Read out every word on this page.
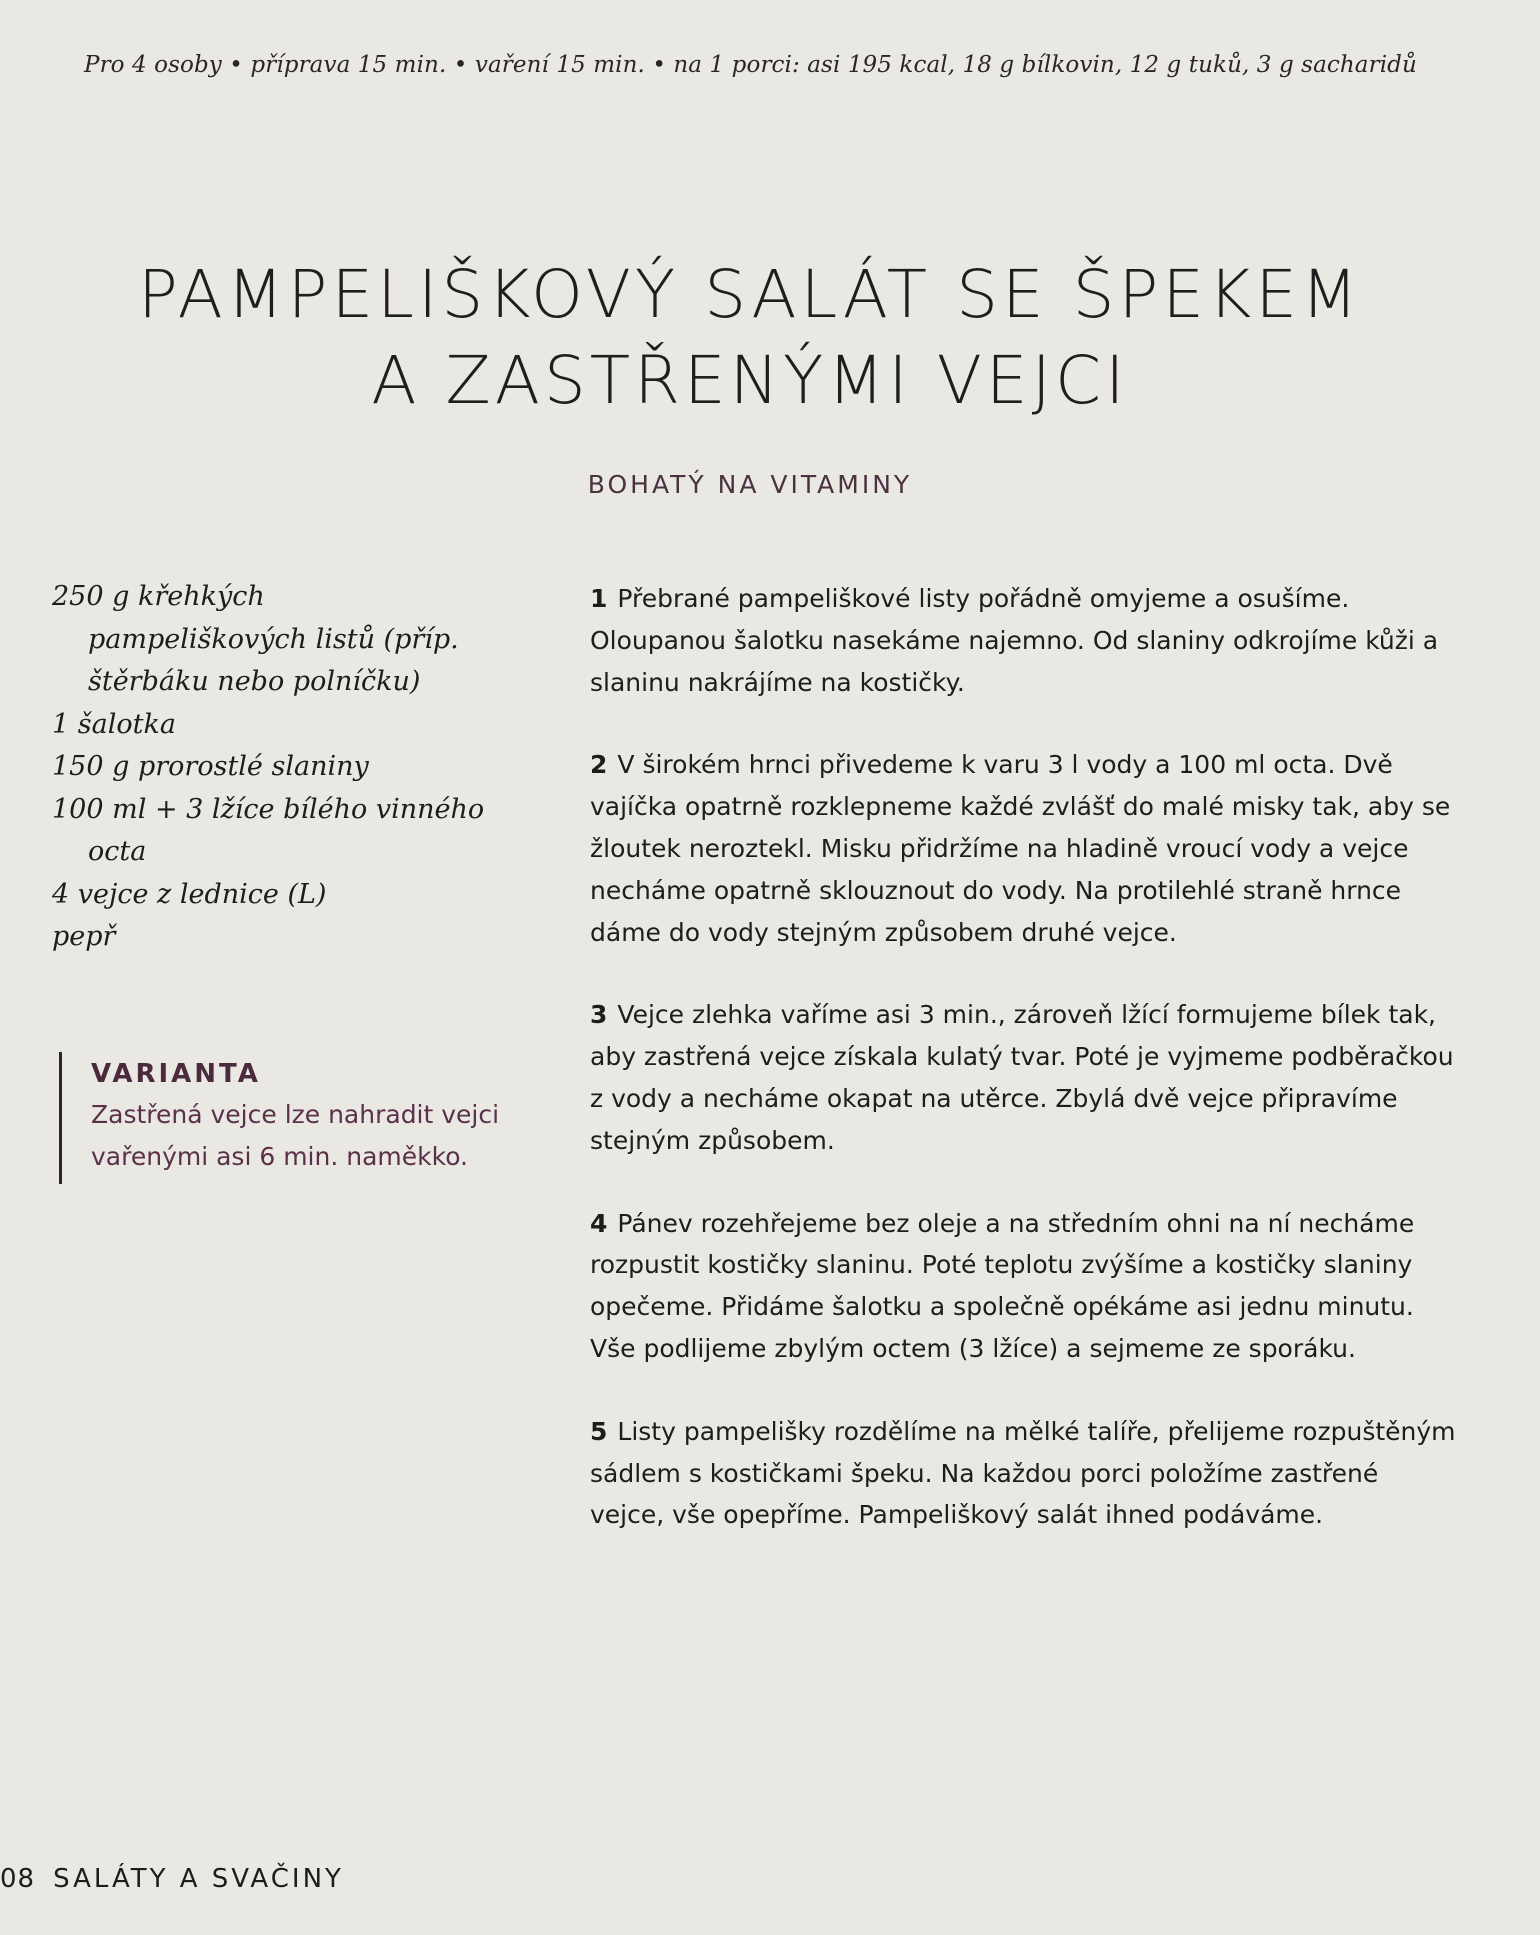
Pro 4 osoby • příprava 15 min. • vaření 15 min. • na 1 porci: asi 195 kcal, 18 g bílkovin, 12 g tuků, 3 g sacharidů
PAMPELIŠKOVÝ SALÁT SE ŠPEKEM
A ZASTŘENÝMI VEJCI
BOHATÝ NA VITAMINY
250 g křehkých pampeliškových listů (příp. štěrbáku nebo polníčku)
1 šalotka
150 g prorostlé slaniny
100 ml + 3 lžíce bílého vinného octa
4 vejce z lednice (L)
pepř
VARIANTA
Zastřená vejce lze nahradit vejci vařenými asi 6 min. naměkko.

1 Přebrané pampeliškové listy pořádně omyjeme a osušíme. Oloupanou šalotku nasekáme najemno. Od slaniny odkrojíme kůži a slaninu nakrájíme na kostičky.

2 V širokém hrnci přivedeme k varu 3 l vody a 100 ml octa. Dvě vajíčka opatrně rozklepneme každé zvlášť do malé misky tak, aby se žloutek neroztekl. Misku přidržíme na hladině vroucí vody a vejce necháme opatrně sklouznout do vody. Na protilehlé straně hrnce dáme do vody stejným způsobem druhé vejce.

3 Vejce zlehka vaříme asi 3 min., zároveň lžící formujeme bílek tak, aby zastřená vejce získala kulatý tvar. Poté je vyjmeme podběračkou z vody a necháme okapat na utěrce. Zbylá dvě vejce připravíme stejným způsobem.

4 Pánev rozehřejeme bez oleje a na středním ohni na ní necháme rozpustit kostičky slaninu. Poté teplotu zvýšíme a kostičky slaniny opečeme. Přidáme šalotku a společně opékáme asi jednu minutu. Vše podlijeme zbylým octem (3 lžíce) a sejmeme ze sporáku.

5 Listy pampelišky rozdělíme na mělké talíře, přelijeme rozpuštěným sádlem s kostičkami špeku. Na každou porci položíme zastřené vejce, vše opepříme. Pampeliškový salát ihned podáváme.

08 SALÁTY A SVAČINY
